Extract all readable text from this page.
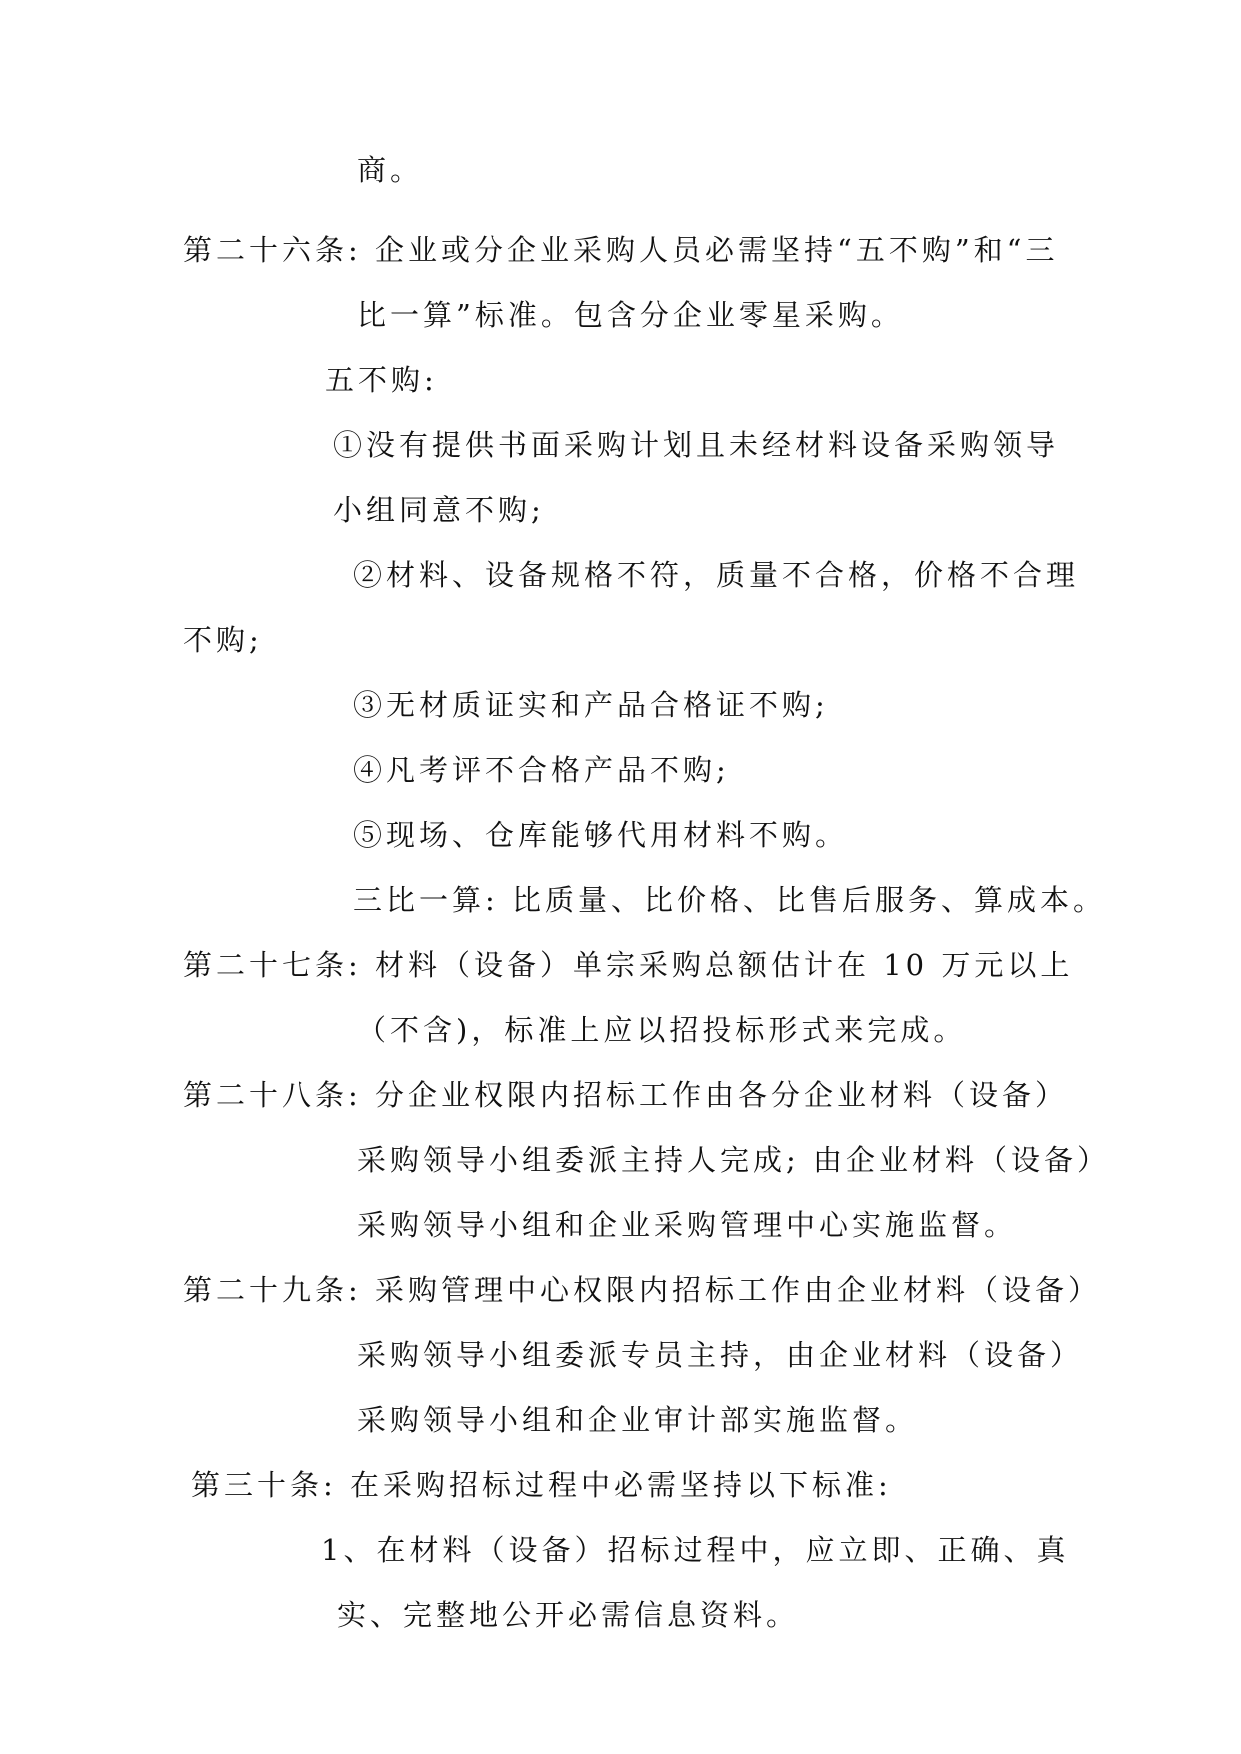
商。
第二十六条: 企业或分企业采购人员必需坚持“五不购”和“三
比一算”标准。包含分企业零星采购。
五不购:
①没有提供书面采购计划且未经材料设备采购领导
小组同意不购;
②材料、设备规格不符，质量不合格，价格不合理
不购;
③无材质证实和产品合格证不购;
④凡考评不合格产品不购;
⑤现场、仓库能够代用材料不购。
三比一算: 比质量、比价格、比售后服务、算成本。
第二十七条: 材料（设备）单宗采购总额估计在 10 万元以上
（不含)，标准上应以招投标形式来完成。
第二十八条: 分企业权限内招标工作由各分企业材料（设备）
采购领导小组委派主持人完成; 由企业材料（设备）
采购领导小组和企业采购管理中心实施监督。
第二十九条: 采购管理中心权限内招标工作由企业材料（设备）
采购领导小组委派专员主持，由企业材料（设备）
采购领导小组和企业审计部实施监督。
第三十条: 在采购招标过程中必需坚持以下标准:
1、在材料（设备）招标过程中，应立即、正确、真
实、完整地公开必需信息资料。
